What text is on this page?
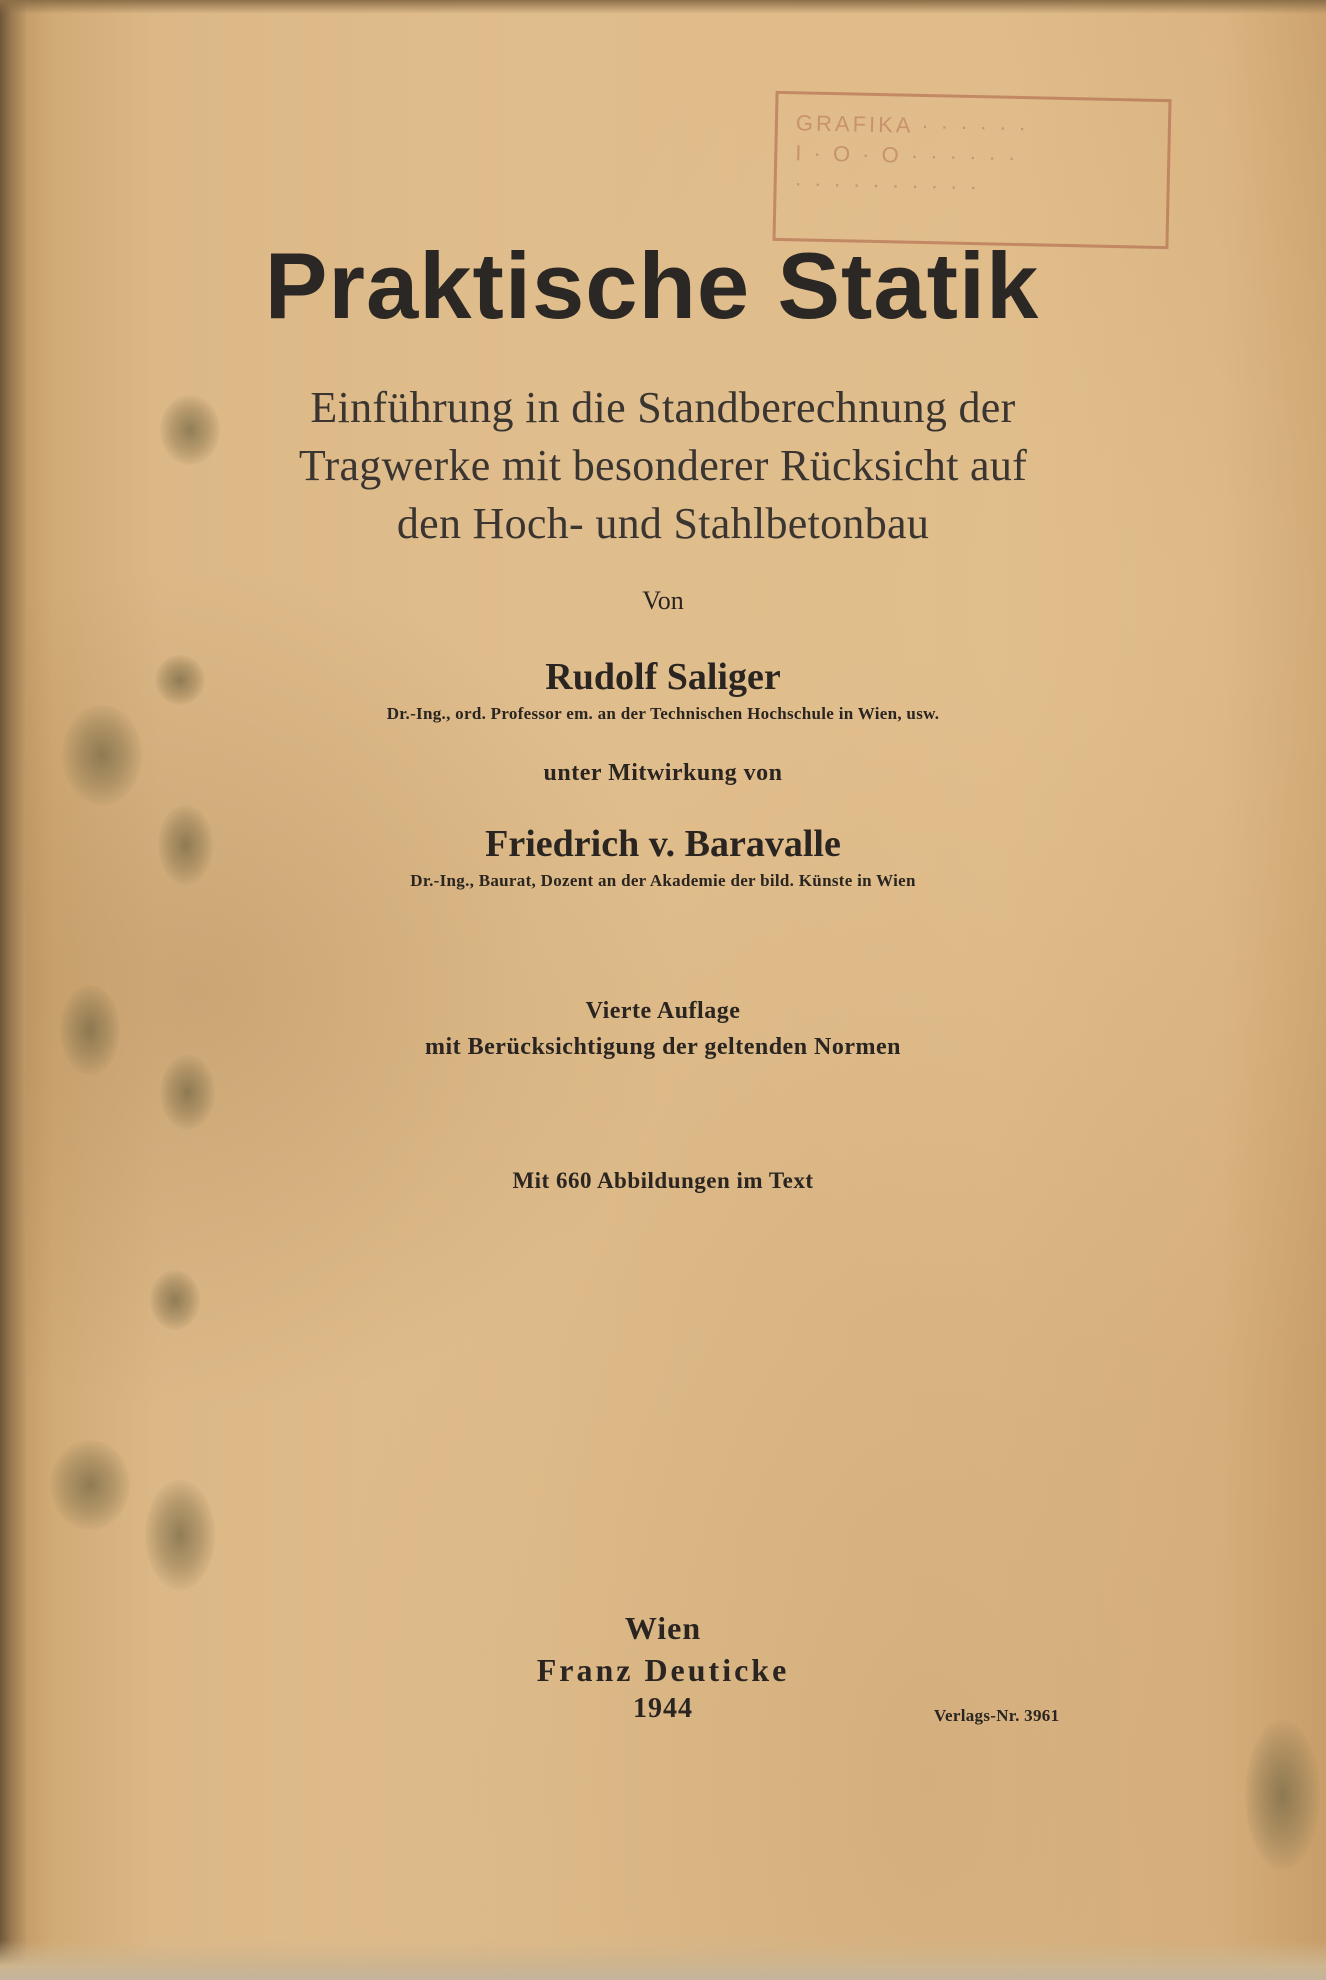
GRAFIKA · · · · · ·
I · O · O · · · · · ·
· · · · · · · · · ·
Praktische Statik
Einführung in die Standberechnung der
Tragwerke mit besonderer Rücksicht auf
den Hoch- und Stahlbetonbau
Von
Rudolf Saliger
Dr.-Ing., ord. Professor em. an der Technischen Hochschule in Wien, usw.
unter Mitwirkung von
Friedrich v. Baravalle
Dr.-Ing., Baurat, Dozent an der Akademie der bild. Künste in Wien
Vierte Auflage
mit Berücksichtigung der geltenden Normen
Mit 660 Abbildungen im Text
Wien
Franz Deuticke
1944	Verlags-Nr. 3961
